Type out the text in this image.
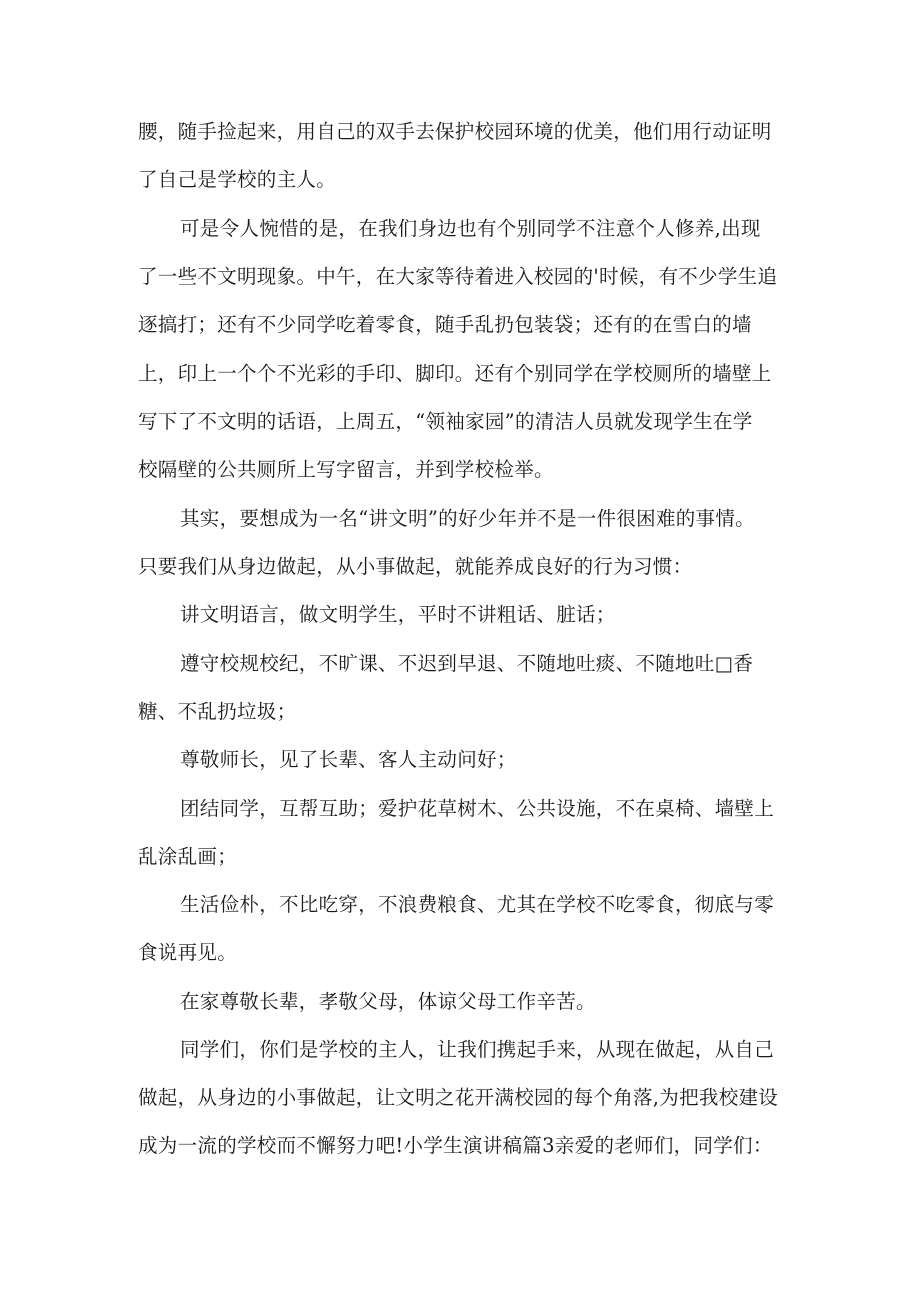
腰，随手捡起来，用自己的双手去保护校园环境的优美，他们用行动证明
了自己是学校的主人。
可是令人惋惜的是，在我们身边也有个别同学不注意个人修养,出现
了一些不文明现象。中午，在大家等待着进入校园的'时候，有不少学生追
逐搞打；还有不少同学吃着零食，随手乱扔包装袋；还有的在雪白的墙
上，印上一个个不光彩的手印、脚印。还有个别同学在学校厕所的墙壁上
写下了不文明的话语，上周五，“领袖家园”的清洁人员就发现学生在学
校隔壁的公共厕所上写字留言，并到学校检举。
其实，要想成为一名“讲文明”的好少年并不是一件很困难的事情。
只要我们从身边做起，从小事做起，就能养成良好的行为习惯：
讲文明语言，做文明学生，平时不讲粗话、脏话；
遵守校规校纪，不旷课、不迟到早退、不随地吐痰、不随地吐□香
糖、不乱扔垃圾；
尊敬师长，见了长辈、客人主动问好；
团结同学，互帮互助；爱护花草树木、公共设施，不在桌椅、墙壁上
乱涂乱画；
生活俭朴，不比吃穿，不浪费粮食、尤其在学校不吃零食，彻底与零
食说再见。
在家尊敬长辈，孝敬父母，体谅父母工作辛苦。
同学们，你们是学校的主人，让我们携起手来，从现在做起，从自己
做起，从身边的小事做起，让文明之花开满校园的每个角落,为把我校建设
成为一流的学校而不懈努力吧!小学生演讲稿篇3亲爱的老师们，同学们：
